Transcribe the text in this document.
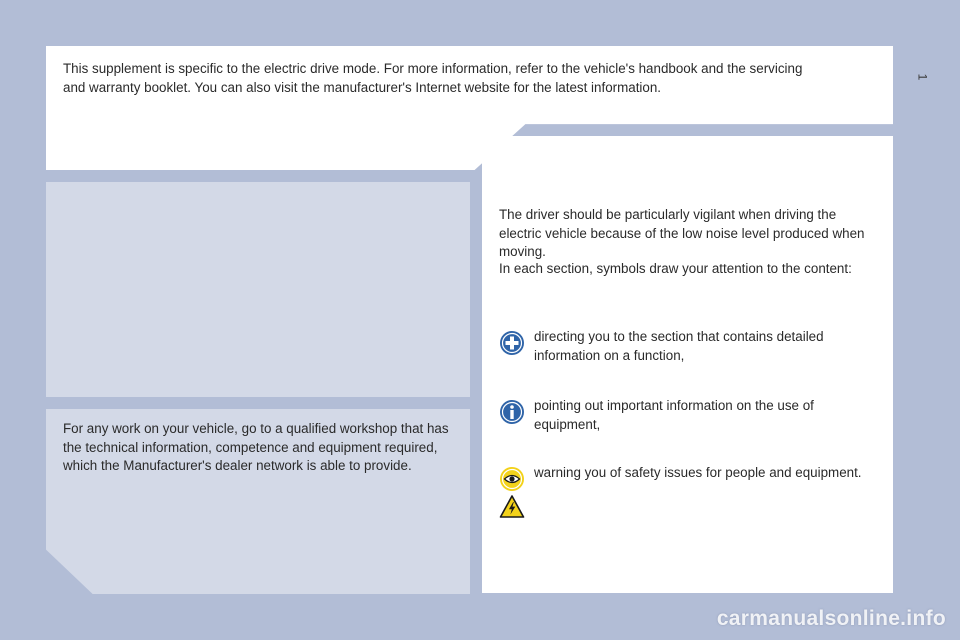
This supplement is specific to the electric drive mode. For more information, refer to the vehicle's handbook and the servicing and warranty booklet. You can also visit the manufacturer's Internet website for the latest information.

1

For any work on your vehicle, go to a qualified workshop that has the technical information, competence and equipment required, which the Manufacturer's dealer network is able to provide.

The driver should be particularly vigilant when driving the electric vehicle because of the low noise level produced when moving.

In each section, symbols draw your attention to the content:

directing you to the section that contains detailed information on a function,

pointing out important information on the use of equipment,

warning you of safety issues for people and equipment.

carmanualsonline.info
